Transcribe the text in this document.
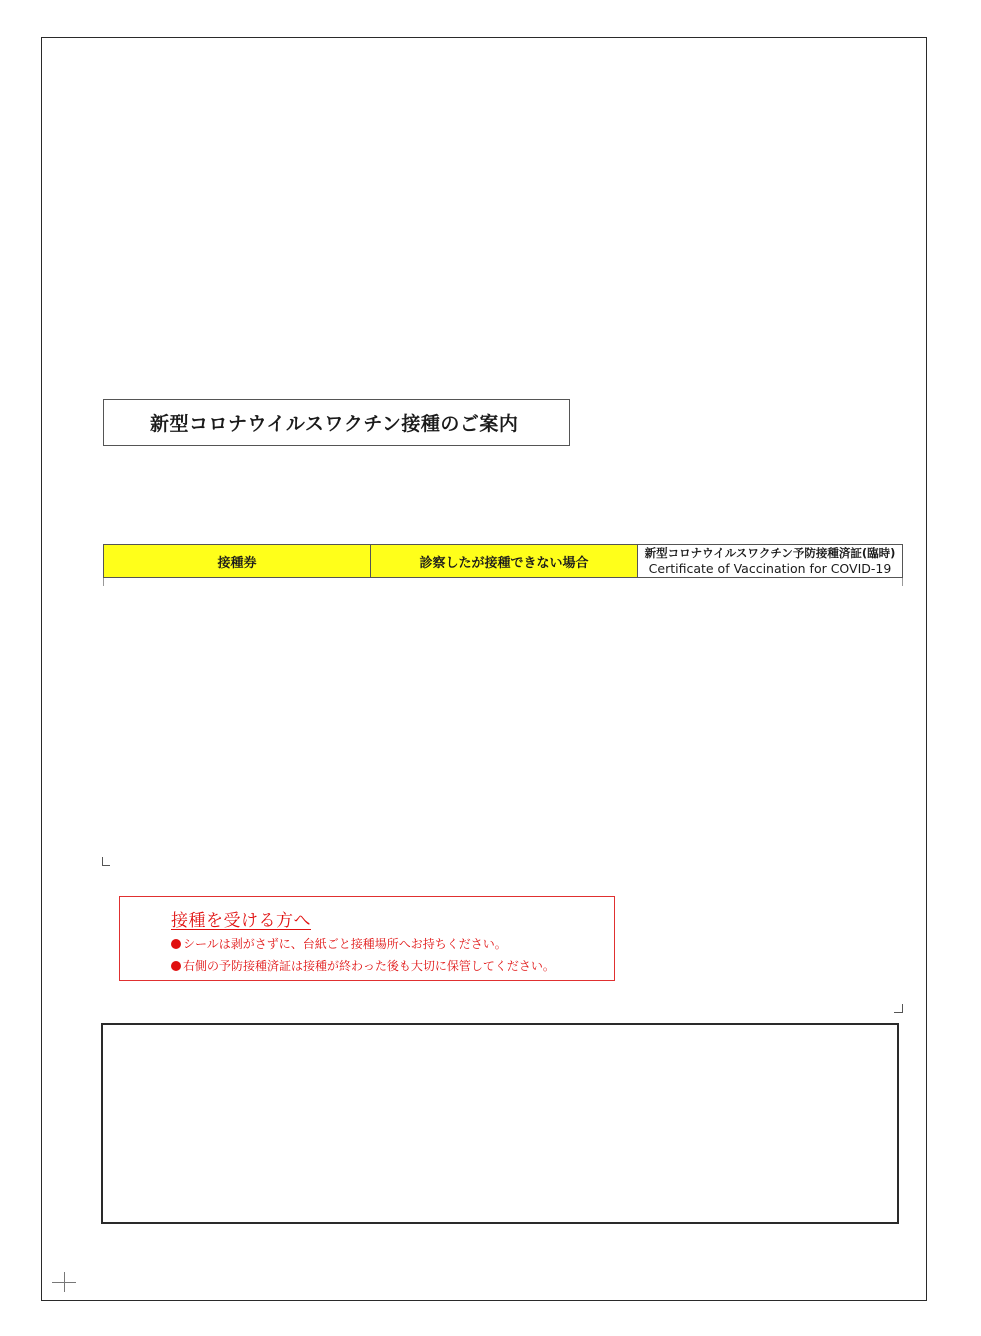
新型コロナウイルスワクチン接種のご案内
接種券	診察したが接種できない場合
新型コロナウイルスワクチン予防接種済証(臨時)
Certificate of Vaccination for COVID-19
接種を受ける方へ
シールは剥がさずに、台紙ごと接種場所へお持ちください。
右側の予防接種済証は接種が終わった後も大切に保管してください。
